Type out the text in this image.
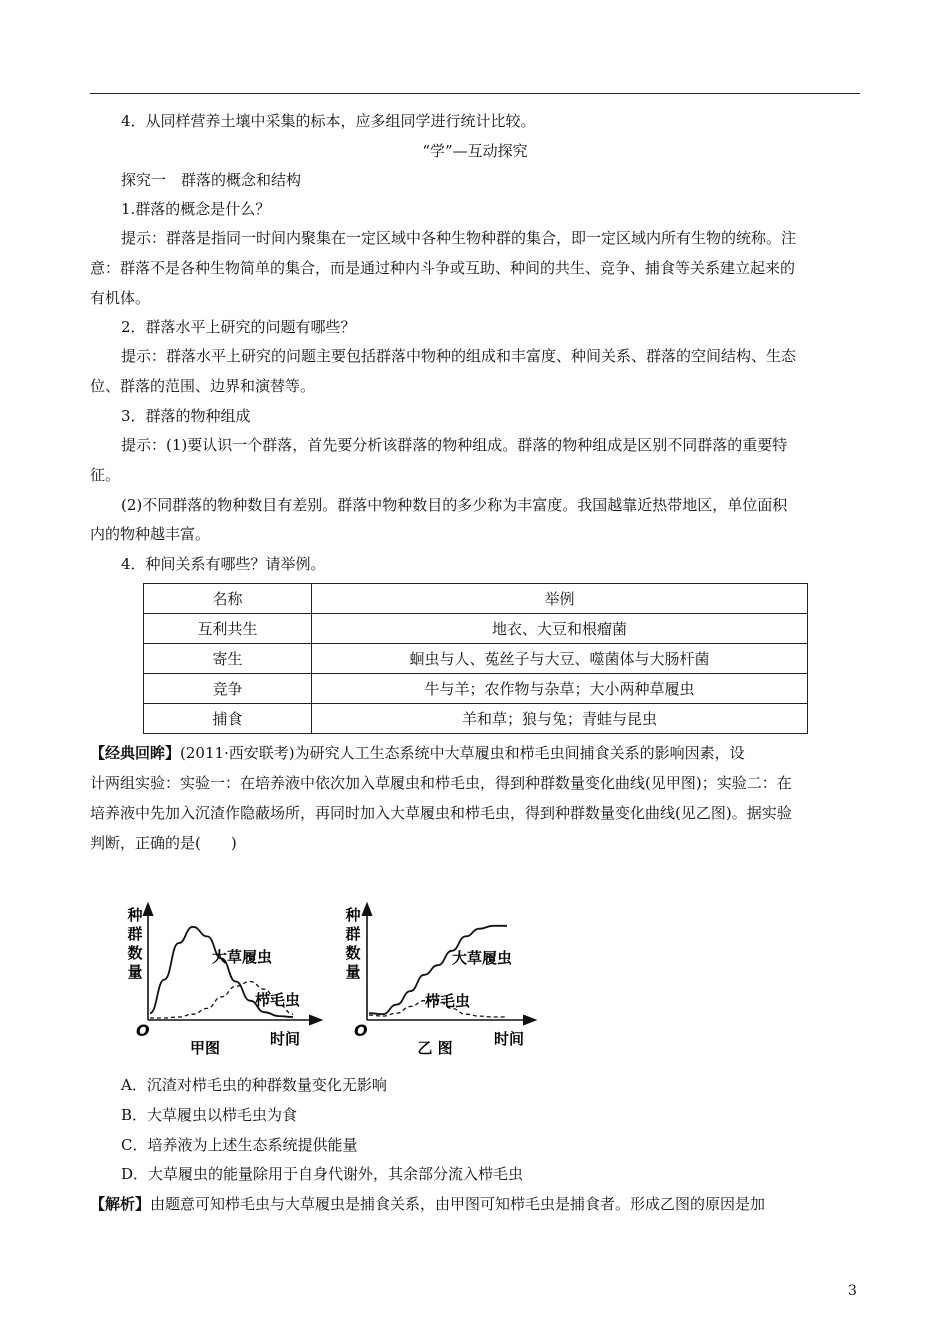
4．从同样营养土壤中采集的标本，应多组同学进行统计比较。
“学”—互动探究
探究一　群落的概念和结构
1.群落的概念是什么？
提示：群落是指同一时间内聚集在一定区域中各种生物种群的集合，即一定区域内所有生物的统称。注
意：群落不是各种生物简单的集合，而是通过种内斗争或互助、种间的共生、竞争、捕食等关系建立起来的
有机体。
2．群落水平上研究的问题有哪些？
提示：群落水平上研究的问题主要包括群落中物种的组成和丰富度、种间关系、群落的空间结构、生态
位、群落的范围、边界和演替等。
3．群落的物种组成
提示：(1)要认识一个群落，首先要分析该群落的物种组成。群落的物种组成是区别不同群落的重要特
征。
(2)不同群落的物种数目有差别。群落中物种数目的多少称为丰富度。我国越靠近热带地区，单位面积
内的物种越丰富。
4．种间关系有哪些？请举例。
名称	举例
互利共生	地衣、大豆和根瘤菌
寄生	蛔虫与人、菟丝子与大豆、噬菌体与大肠杆菌
竞争	牛与羊；农作物与杂草；大小两种草履虫
捕食	羊和草；狼与兔；青蛙与昆虫
【经典回眸】(2011·西安联考)为研究人工生态系统中大草履虫和栉毛虫间捕食关系的影响因素，设
计两组实验：实验一：在培养液中依次加入草履虫和栉毛虫，得到种群数量变化曲线(见甲图)；实验二：在
培养液中先加入沉渣作隐蔽场所，再同时加入大草履虫和栉毛虫，得到种群数量变化曲线(见乙图)。据实验
判断，正确的是(　　)
种群数量
O	时间
甲图
大草履虫
栉毛虫
种群数量
O	时间
乙 图
大草履虫
栉毛虫
A．沉渣对栉毛虫的种群数量变化无影响
B．大草履虫以栉毛虫为食
C．培养液为上述生态系统提供能量
D．大草履虫的能量除用于自身代谢外，其余部分流入栉毛虫
【解析】由题意可知栉毛虫与大草履虫是捕食关系，由甲图可知栉毛虫是捕食者。形成乙图的原因是加
3
